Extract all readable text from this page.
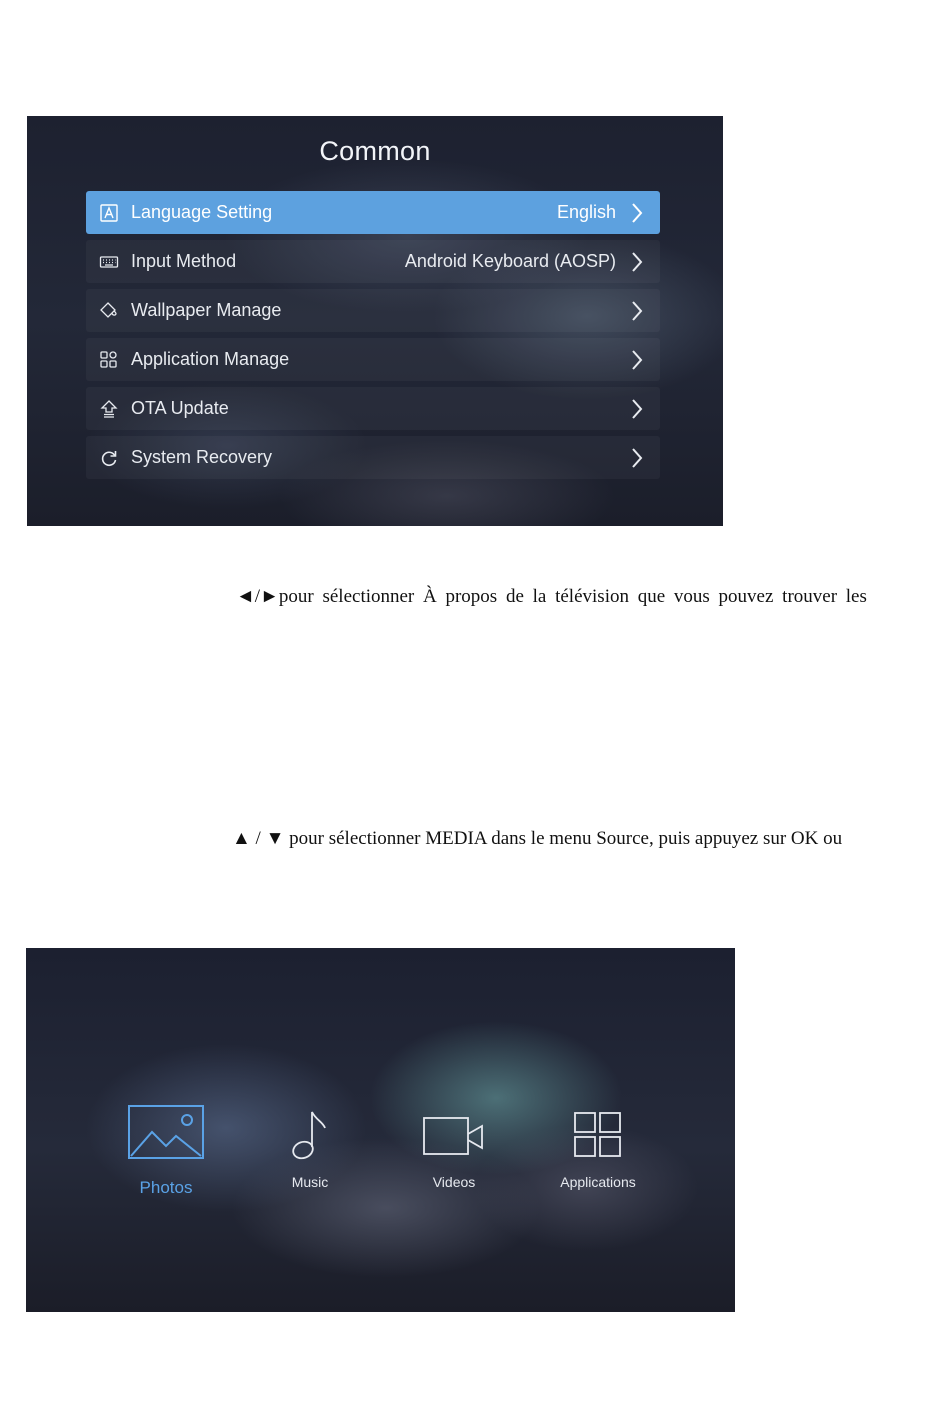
Common
Language Setting	English
Input Method	Android Keyboard (AOSP)
Wallpaper Manage
Application Manage
OTA Update
System Recovery
◄/►pour sélectionner À propos de la télévision que vous pouvez trouver les
▲ / ▼ pour sélectionner MEDIA dans le menu Source, puis appuyez sur OK ou
Photos	Music	Videos	Applications
